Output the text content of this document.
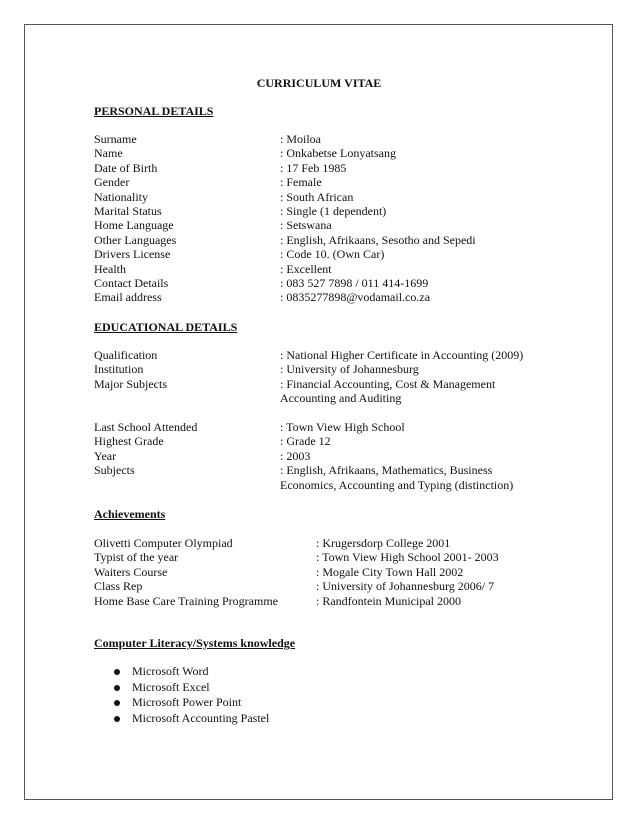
CURRICULUM VITAE
PERSONAL DETAILS
Surname	: Moiloa
Name	: Onkabetse Lonyatsang
Date of Birth	: 17 Feb 1985
Gender	: Female
Nationality	: South African
Marital Status	: Single (1 dependent)
Home Language	: Setswana
Other Languages	: English, Afrikaans, Sesotho and Sepedi
Drivers License	: Code 10. (Own Car)
Health	: Excellent
Contact Details	: 083 527 7898 / 011 414-1699
Email address	: 0835277898@vodamail.co.za
EDUCATIONAL DETAILS
Qualification	: National Higher Certificate in Accounting (2009)
Institution	: University of Johannesburg
Major Subjects	: Financial Accounting, Cost & Management
Accounting and Auditing
Last School Attended	: Town View High School
Highest Grade	: Grade 12
Year	: 2003
Subjects	: English, Afrikaans, Mathematics, Business
Economics, Accounting and Typing (distinction)
Achievements
Olivetti Computer Olympiad	: Krugersdorp College 2001
Typist of the year	: Town View High School 2001- 2003
Waiters Course	: Mogale City Town Hall 2002
Class Rep	: University of Johannesburg 2006/ 7
Home Base Care Training Programme	: Randfontein Municipal 2000
Computer Literacy/Systems knowledge
Microsoft Word
Microsoft Excel
Microsoft Power Point
Microsoft Accounting Pastel
